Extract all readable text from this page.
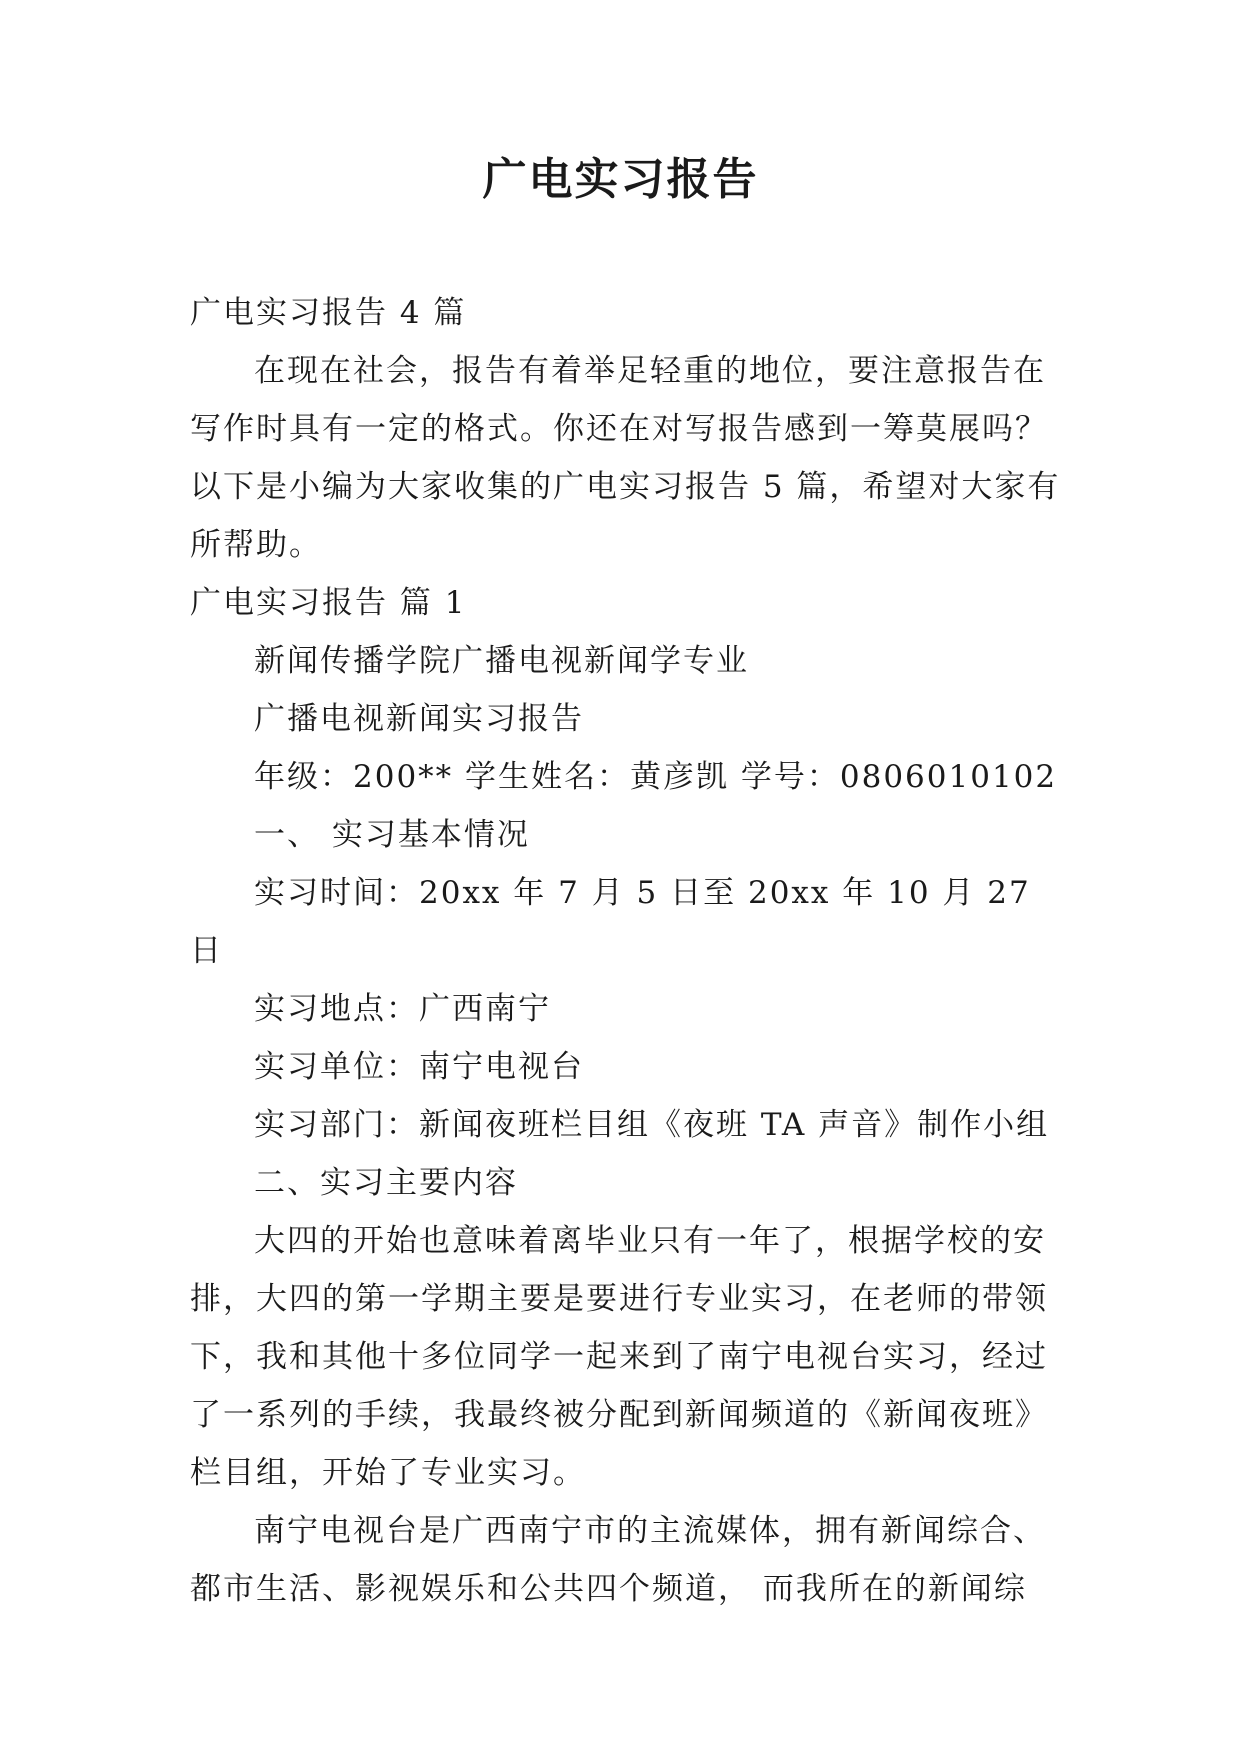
广电实习报告

广电实习报告 4 篇

在现在社会，报告有着举足轻重的地位，要注意报告在写作时具有一定的格式。你还在对写报告感到一筹莫展吗？以下是小编为大家收集的广电实习报告 5 篇，希望对大家有所帮助。

广电实习报告 篇 1

新闻传播学院广播电视新闻学专业

广播电视新闻实习报告

年级：200** 学生姓名：黄彦凯 学号：0806010102

一、 实习基本情况

实习时间：20xx 年 7 月 5 日至 20xx 年 10 月 27 日

实习地点：广西南宁

实习单位：南宁电视台

实习部门：新闻夜班栏目组《夜班 TA 声音》制作小组

二、实习主要内容

大四的开始也意味着离毕业只有一年了，根据学校的安排，大四的第一学期主要是要进行专业实习，在老师的带领下，我和其他十多位同学一起来到了南宁电视台实习，经过了一系列的手续，我最终被分配到新闻频道的《新闻夜班》栏目组，开始了专业实习。

南宁电视台是广西南宁市的主流媒体，拥有新闻综合、都市生活、影视娱乐和公共四个频道， 而我所在的新闻综
